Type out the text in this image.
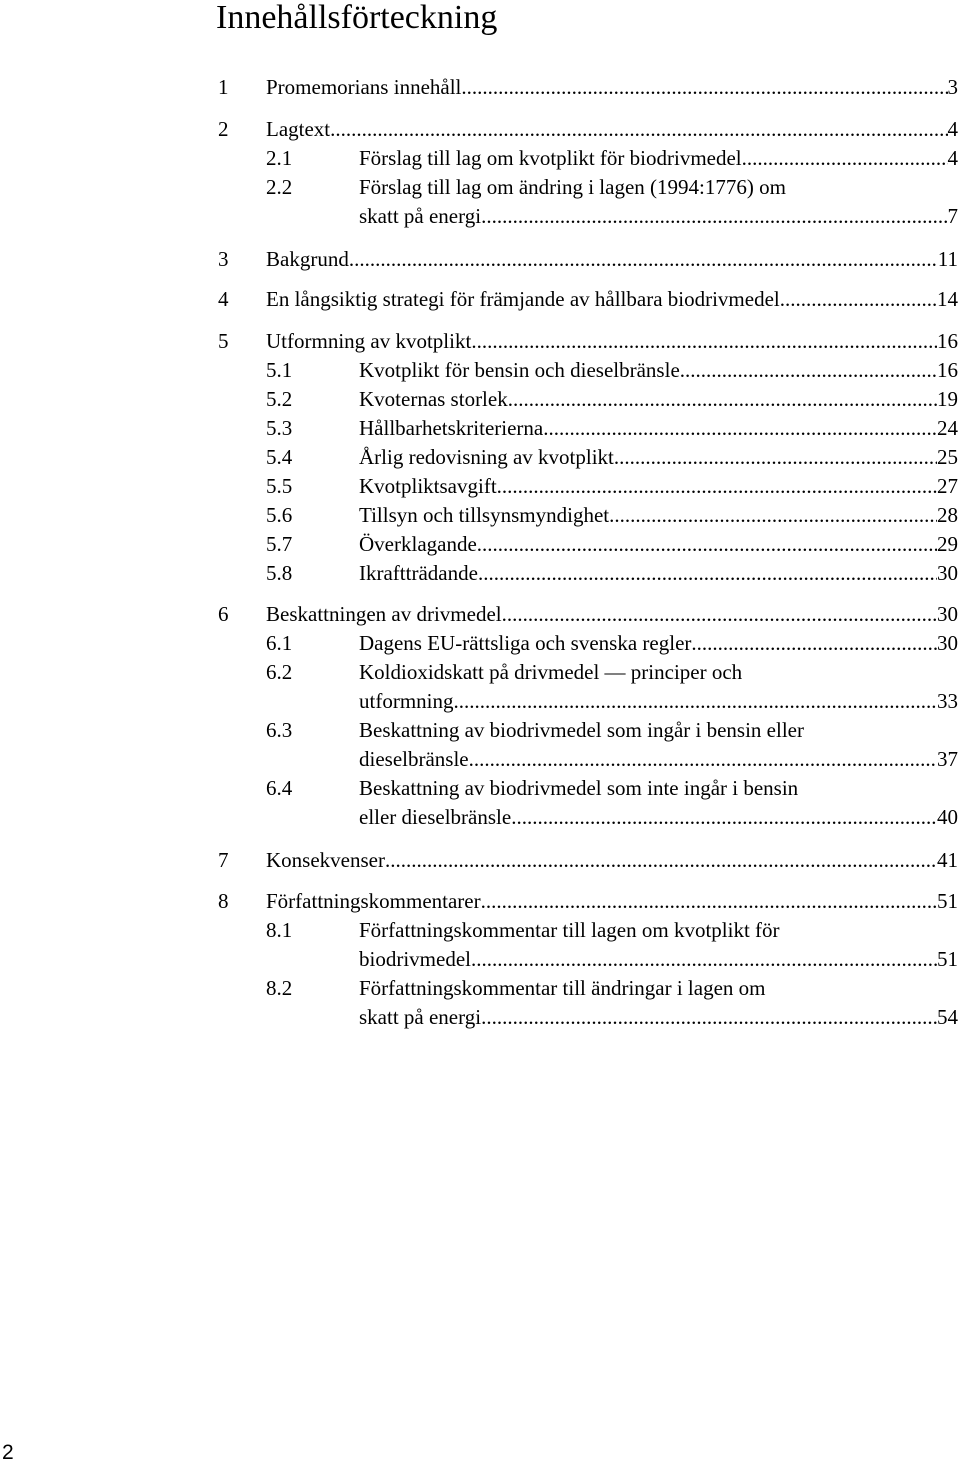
Innehållsförteckning
1 Promemorians innehåll .....	3
2 Lagtext .....	4
2.1	Förslag till lag om kvotplikt för biodrivmedel .....	4
2.2	Förslag till lag om ändring i lagen (1994:1776) om
skatt på energi .....	7
3 Bakgrund .....	11
4 En långsiktig strategi för främjande av hållbara biodrivmedel .....	14
5 Utformning av kvotplikt .....	16
5.1	Kvotplikt för bensin och dieselbränsle .....	16
5.2	Kvoternas storlek .....	19
5.3	Hållbarhetskriterierna .....	24
5.4	Årlig redovisning av kvotplikt .....	25
5.5	Kvotpliktsavgift .....	27
5.6	Tillsyn och tillsynsmyndighet .....	28
5.7	Överklagande .....	29
5.8	Ikraftträdande .....	30
6 Beskattningen av drivmedel .....	30
6.1	Dagens EU-rättsliga och svenska regler .....	30
6.2	Koldioxidskatt på drivmedel — principer och
utformning .....	33
6.3	Beskattning av biodrivmedel som ingår i bensin eller
dieselbränsle .....	37
6.4	Beskattning av biodrivmedel som inte ingår i bensin
eller dieselbränsle .....	40
7 Konsekvenser .....	41
8 Författningskommentarer .....	51
8.1	Författningskommentar till lagen om kvotplikt för
biodrivmedel .....	51
8.2	Författningskommentar till ändringar i lagen om
skatt på energi .....	54
2
